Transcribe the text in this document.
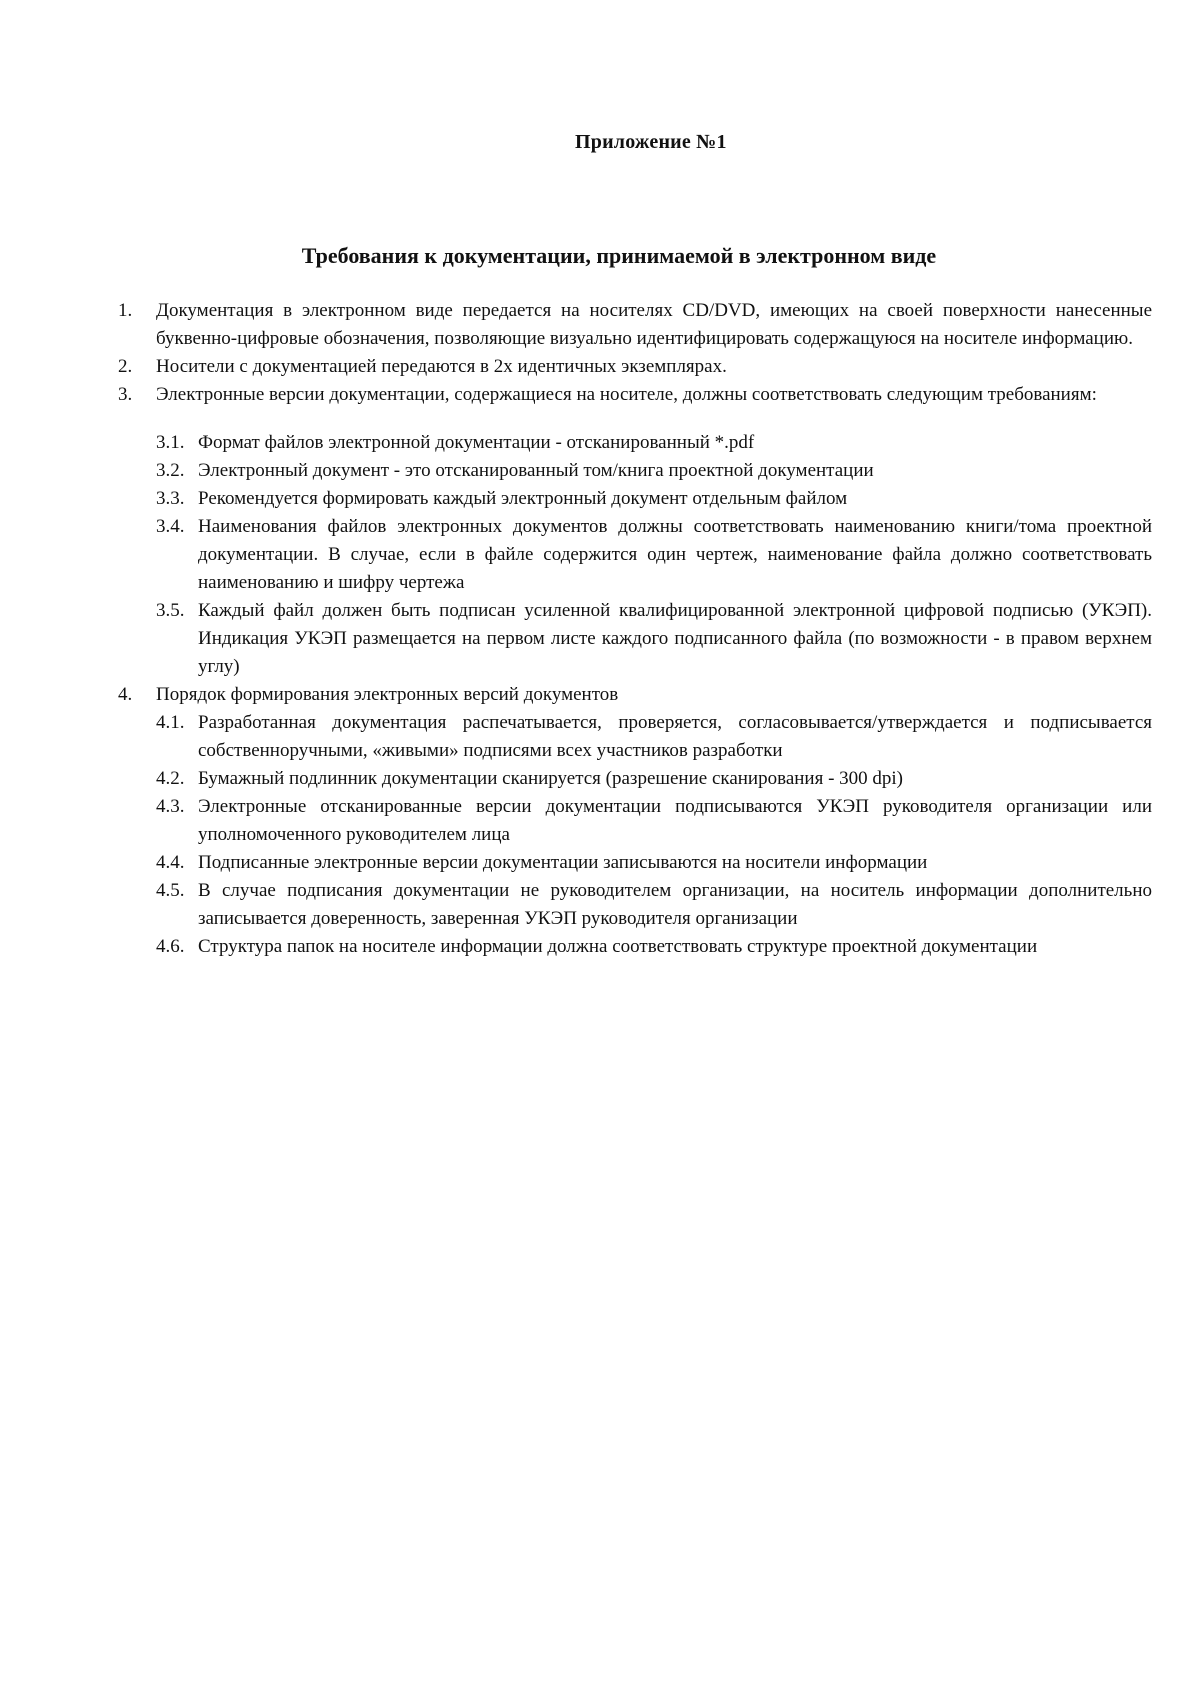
Приложение №1
Требования к документации, принимаемой в электронном виде
1. Документация в электронном виде передается на носителях CD/DVD, имеющих на своей поверхности нанесенные буквенно-цифровые обозначения, позволяющие визуально идентифицировать содержащуюся на носителе информацию.
2. Носители с документацией передаются в 2х идентичных экземплярах.
3. Электронные версии документации, содержащиеся на носителе, должны соответствовать следующим требованиям:
3.1. Формат файлов электронной документации - отсканированный *.pdf
3.2. Электронный документ - это отсканированный том/книга проектной документации
3.3. Рекомендуется формировать каждый электронный документ отдельным файлом
3.4. Наименования файлов электронных документов должны соответствовать наименованию книги/тома проектной документации. В случае, если в файле содержится один чертеж, наименование файла должно соответствовать наименованию и шифру чертежа
3.5. Каждый файл должен быть подписан усиленной квалифицированной электронной цифровой подписью (УКЭП). Индикация УКЭП размещается на первом листе каждого подписанного файла (по возможности - в правом верхнем углу)
4. Порядок формирования электронных версий документов
4.1. Разработанная документация распечатывается, проверяется, согласовывается/утверждается и подписывается собственноручными, «живыми» подписями всех участников разработки
4.2. Бумажный подлинник документации сканируется (разрешение сканирования - 300 dpi)
4.3. Электронные отсканированные версии документации подписываются УКЭП руководителя организации или уполномоченного руководителем лица
4.4. Подписанные электронные версии документации записываются на носители информации
4.5. В случае подписания документации не руководителем организации, на носитель информации дополнительно записывается доверенность, заверенная УКЭП руководителя организации
4.6. Структура папок на носителе информации должна соответствовать структуре проектной документации
